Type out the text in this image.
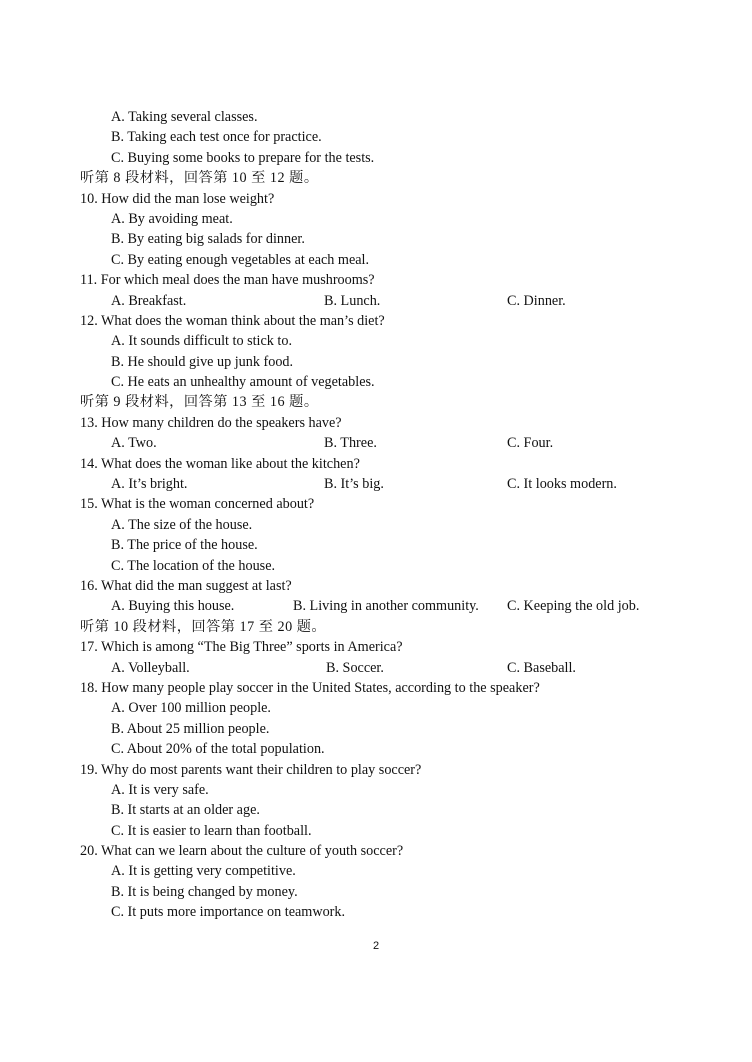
A. Taking several classes.
B. Taking each test once for practice.
C. Buying some books to prepare for the tests.
听第 8 段材料，回答第 10 至 12 题。
10. How did the man lose weight?
A. By avoiding meat.
B. By eating big salads for dinner.
C. By eating enough vegetables at each meal.
11. For which meal does the man have mushrooms?
A. Breakfast.	B. Lunch.	C. Dinner.
12. What does the woman think about the man’s diet?
A. It sounds difficult to stick to.
B. He should give up junk food.
C. He eats an unhealthy amount of vegetables.
听第 9 段材料，回答第 13 至 16 题。
13. How many children do the speakers have?
A. Two.	B. Three.	C. Four.
14. What does the woman like about the kitchen?
A. It’s bright.	B. It’s big.	C. It looks modern.
15. What is the woman concerned about?
A. The size of the house.
B. The price of the house.
C. The location of the house.
16. What did the man suggest at last?
A. Buying this house.	B. Living in another community. C. Keeping the old job.
听第 10 段材料，回答第 17 至 20 题。
17. Which is among “The Big Three” sports in America?
A. Volleyball.	B. Soccer.	C. Baseball.
18. How many people play soccer in the United States, according to the speaker?
A. Over 100 million people.
B. About 25 million people.
C. About 20% of the total population.
19. Why do most parents want their children to play soccer?
A. It is very safe.
B. It starts at an older age.
C. It is easier to learn than football.
20. What can we learn about the culture of youth soccer?
A. It is getting very competitive.
B. It is being changed by money.
C. It puts more importance on teamwork.
2
